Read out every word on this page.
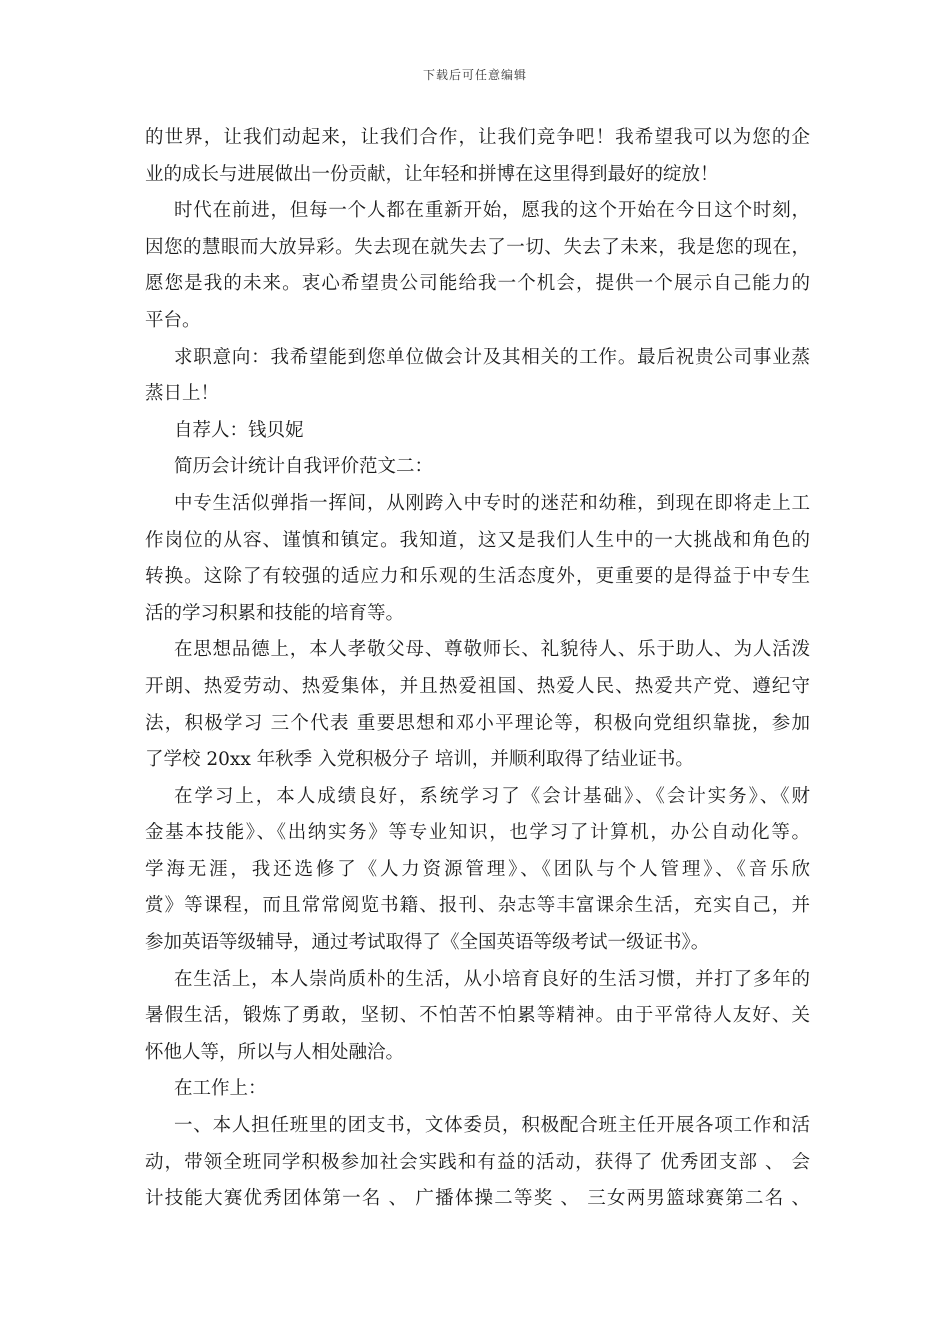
下载后可任意编辑
的世界，让我们动起来，让我们合作，让我们竞争吧！我希望我可以为您的企
业的成长与进展做出一份贡献，让年轻和拼博在这里得到最好的绽放！
时代在前进，但每一个人都在重新开始，愿我的这个开始在今日这个时刻，
因您的慧眼而大放异彩。失去现在就失去了一切、失去了未来，我是您的现在，
愿您是我的未来。衷心希望贵公司能给我一个机会，提供一个展示自己能力的
平台。
求职意向：我希望能到您单位做会计及其相关的工作。最后祝贵公司事业蒸
蒸日上！
自荐人：钱贝妮
简历会计统计自我评价范文二：
中专生活似弹指一挥间，从刚跨入中专时的迷茫和幼稚，到现在即将走上工
作岗位的从容、谨慎和镇定。我知道，这又是我们人生中的一大挑战和角色的
转换。这除了有较强的适应力和乐观的生活态度外，更重要的是得益于中专生
活的学习积累和技能的培育等。
在思想品德上，本人孝敬父母、尊敬师长、礼貌待人、乐于助人、为人活泼
开朗、热爱劳动、热爱集体，并且热爱祖国、热爱人民、热爱共产党、遵纪守
法，积极学习 三个代表 重要思想和邓小平理论等，积极向党组织靠拢，参加
了学校 20xx 年秋季 入党积极分子 培训，并顺利取得了结业证书。
在学习上，本人成绩良好，系统学习了《会计基础》、《会计实务》、《财
金基本技能》、《出纳实务》等专业知识，也学习了计算机，办公自动化等。
学海无涯，我还选修了《人力资源管理》、《团队与个人管理》、《音乐欣
赏》等课程，而且常常阅览书籍、报刊、杂志等丰富课余生活，充实自己，并
参加英语等级辅导，通过考试取得了《全国英语等级考试一级证书》。
在生活上，本人崇尚质朴的生活，从小培育良好的生活习惯，并打了多年的
暑假生活，锻炼了勇敢，坚韧、不怕苦不怕累等精神。由于平常待人友好、关
怀他人等，所以与人相处融洽。
在工作上：
一、本人担任班里的团支书，文体委员，积极配合班主任开展各项工作和活
动，带领全班同学积极参加社会实践和有益的活动，获得了 优秀团支部 、 会
计技能大赛优秀团体第一名 、 广播体操二等奖 、 三女两男篮球赛第二名 、
